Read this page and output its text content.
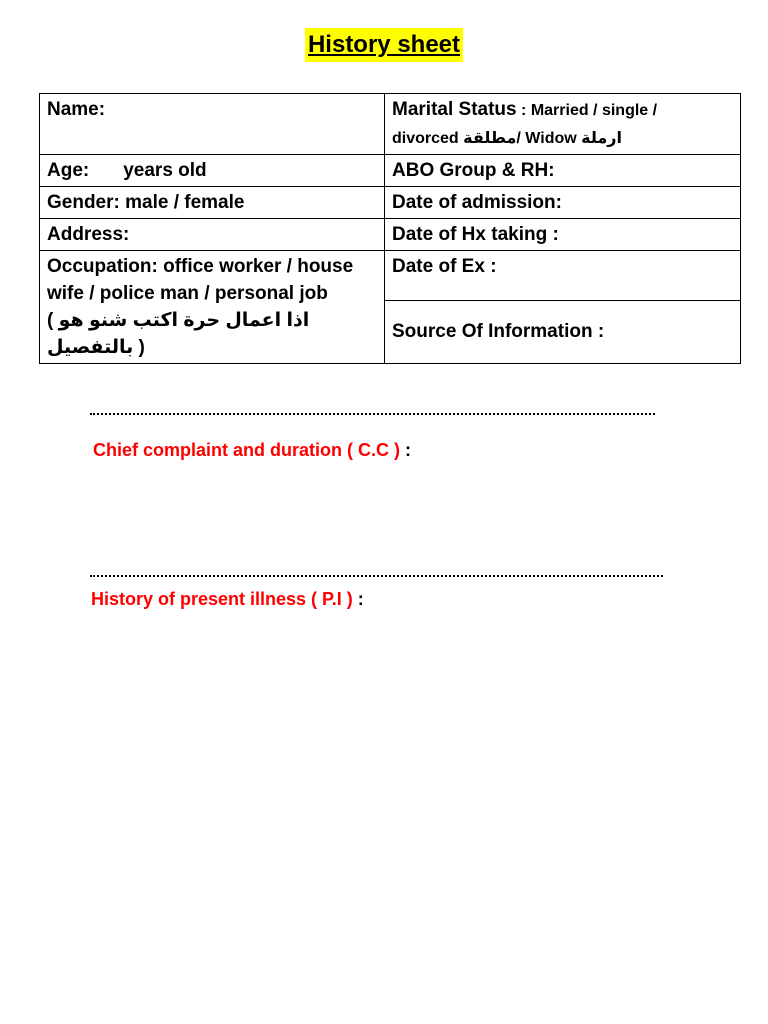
History sheet
Name:	Marital Status : Married / single /
divorced مطلقة/ Widow ارملة
Age: years old	ABO Group & RH:
Gender: male / female	Date of admission:
Address:	Date of Hx taking :
Occupation: office worker / house
wife / police man / personal job
( اذا اعمال حرة اكتب شنو هو بالتفصيل )	Date of Ex :
	Source Of Information :
Chief complaint and duration ( C.C ) :
History of present illness ( P.I ) :
